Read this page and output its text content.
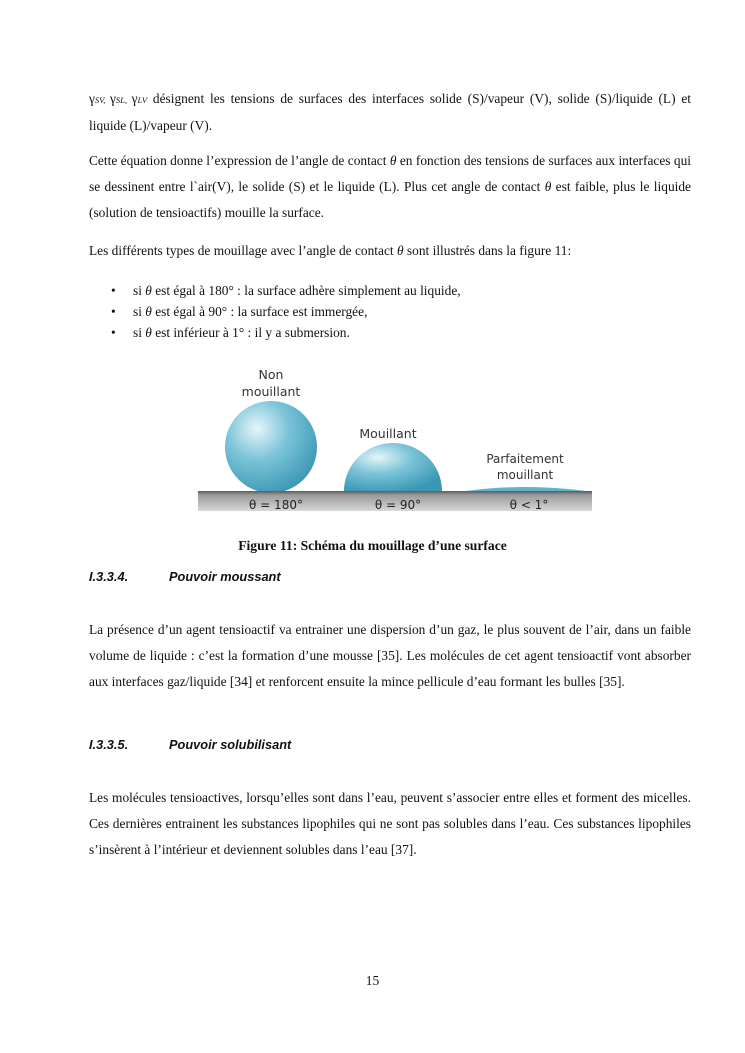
γSV, γSL, γLV désignent les tensions de surfaces des interfaces solide (S)/vapeur (V), solide (S)/liquide (L) et liquide (L)/vapeur (V).

Cette équation donne l’expression de l’angle de contact θ en fonction des tensions de surfaces aux interfaces qui se dessinent entre l`air(V), le solide (S) et le liquide (L). Plus cet angle de contact θ est faible, plus le liquide (solution de tensioactifs) mouille la surface.

Les différents types de mouillage avec l’angle de contact θ sont illustrés dans la figure 11:

• si θ est égal à 180° : la surface adhère simplement au liquide,
• si θ est égal à 90° : la surface est immergée,
• si θ est inférieur à 1° : il y a submersion.
Non
mouillant
Mouillant
Parfaitement
mouillant
θ = 180°	θ = 90°	θ < 1°
Figure 11: Schéma du mouillage d’une surface
I.3.3.4.	Pouvoir moussant

La présence d’un agent tensioactif va entrainer une dispersion d’un gaz, le plus souvent de l’air, dans un faible volume de liquide : c’est la formation d’une mousse [35]. Les molécules de cet agent tensioactif vont absorber aux interfaces gaz/liquide [34] et renforcent ensuite la mince pellicule d’eau formant les bulles [35].

I.3.3.5.	Pouvoir solubilisant

Les molécules tensioactives, lorsqu’elles sont dans l’eau, peuvent s’associer entre elles et forment des micelles. Ces dernières entrainent les substances lipophiles qui ne sont pas solubles dans l’eau. Ces substances lipophiles s’insèrent à l’intérieur et deviennent solubles dans l’eau [37].

15
